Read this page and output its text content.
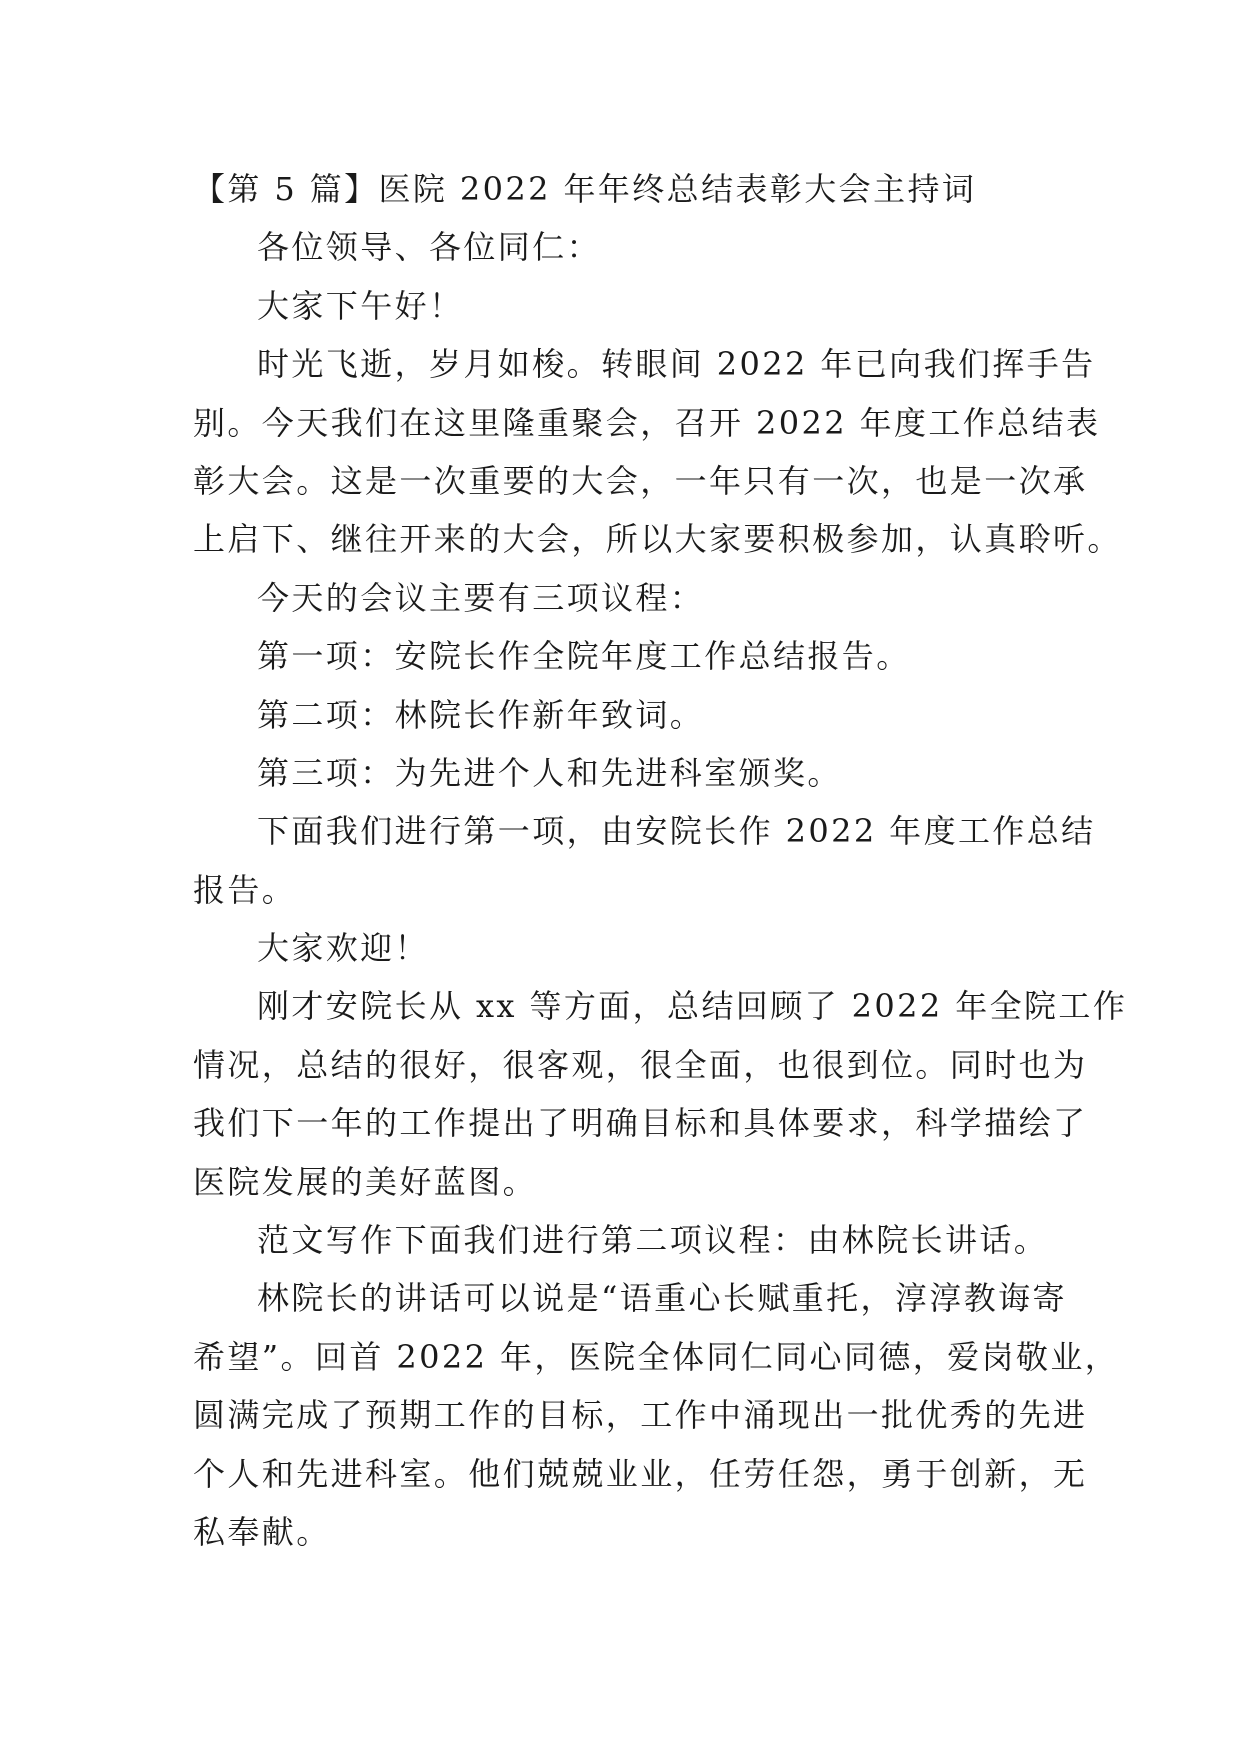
【第 5 篇】医院 2022 年年终总结表彰大会主持词
各位领导、各位同仁：
大家下午好！
时光飞逝，岁月如梭。转眼间 2022 年已向我们挥手告
别。今天我们在这里隆重聚会，召开 2022 年度工作总结表
彰大会。这是一次重要的大会，一年只有一次，也是一次承
上启下、继往开来的大会，所以大家要积极参加，认真聆听。
今天的会议主要有三项议程：
第一项：安院长作全院年度工作总结报告。
第二项：林院长作新年致词。
第三项：为先进个人和先进科室颁奖。
下面我们进行第一项，由安院长作 2022 年度工作总结
报告。
大家欢迎！
刚才安院长从 xx 等方面，总结回顾了 2022 年全院工作
情况，总结的很好，很客观，很全面，也很到位。同时也为
我们下一年的工作提出了明确目标和具体要求，科学描绘了
医院发展的美好蓝图。
范文写作下面我们进行第二项议程：由林院长讲话。
林院长的讲话可以说是“语重心长赋重托，淳淳教诲寄
希望”。回首 2022 年，医院全体同仁同心同德，爱岗敬业，
圆满完成了预期工作的目标，工作中涌现出一批优秀的先进
个人和先进科室。他们兢兢业业，任劳任怨，勇于创新，无
私奉献。
